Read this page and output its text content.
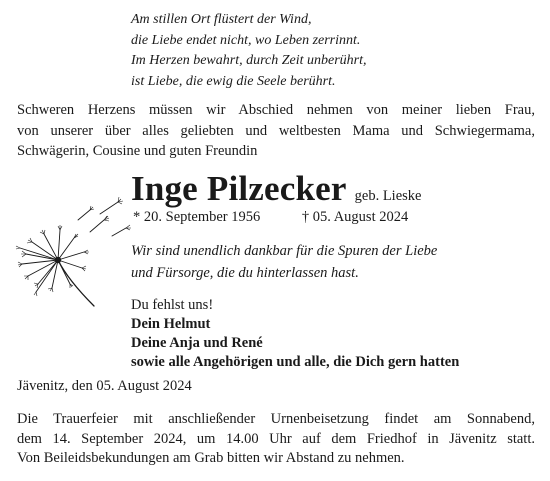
Am stillen Ort flüstert der Wind,
die Liebe endet nicht, wo Leben zerrinnt.
Im Herzen bewahrt, durch Zeit unberührt,
ist Liebe, die ewig die Seele berührt.
Schweren Herzens müssen wir Abschied nehmen von meiner lieben Frau,
von unserer über alles geliebten und weltbesten Mama und Schwiegermama,
Schwägerin, Cousine und guten Freundin
Inge Pilzecker geb. Lieske
* 20. September 1956	† 05. August 2024
Wir sind unendlich dankbar für die Spuren der Liebe
und Fürsorge, die du hinterlassen hast.
Du fehlst uns!
Dein Helmut
Deine Anja und René
sowie alle Angehörigen und alle, die Dich gern hatten
Jävenitz, den 05. August 2024
Die Trauerfeier mit anschließender Urnenbeisetzung findet am Sonnabend,
dem 14. September 2024, um 14.00 Uhr auf dem Friedhof in Jävenitz statt.
Von Beileidsbekundungen am Grab bitten wir Abstand zu nehmen.
